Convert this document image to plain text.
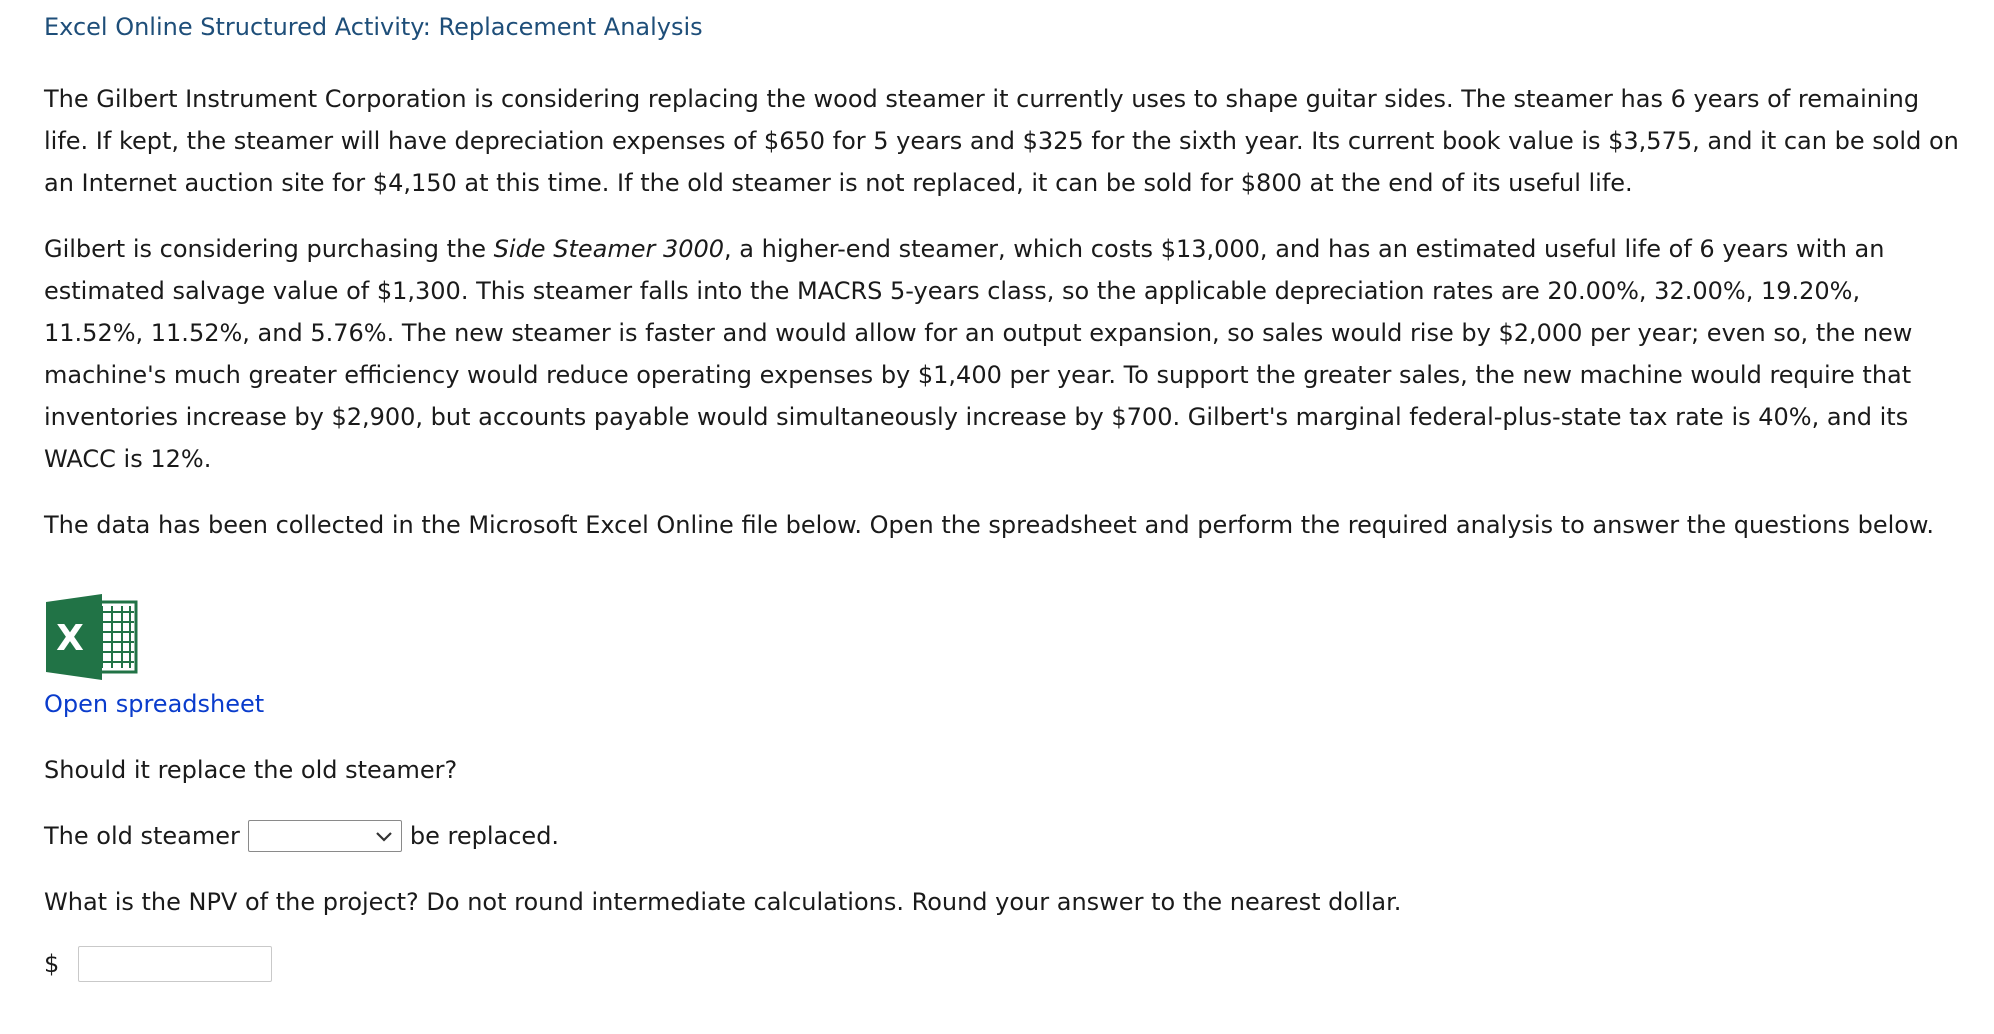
Excel Online Structured Activity: Replacement Analysis

The Gilbert Instrument Corporation is considering replacing the wood steamer it currently uses to shape guitar sides. The steamer has 6 years of remaining life. If kept, the steamer will have depreciation expenses of $650 for 5 years and $325 for the sixth year. Its current book value is $3,575, and it can be sold on an Internet auction site for $4,150 at this time. If the old steamer is not replaced, it can be sold for $800 at the end of its useful life.

Gilbert is considering purchasing the Side Steamer 3000, a higher-end steamer, which costs $13,000, and has an estimated useful life of 6 years with an estimated salvage value of $1,300. This steamer falls into the MACRS 5-years class, so the applicable depreciation rates are 20.00%, 32.00%, 19.20%, 11.52%, 11.52%, and 5.76%. The new steamer is faster and would allow for an output expansion, so sales would rise by $2,000 per year; even so, the new machine's much greater efficiency would reduce operating expenses by $1,400 per year. To support the greater sales, the new machine would require that inventories increase by $2,900, but accounts payable would simultaneously increase by $700. Gilbert's marginal federal-plus-state tax rate is 40%, and its WACC is 12%.

The data has been collected in the Microsoft Excel Online file below. Open the spreadsheet and perform the required analysis to answer the questions below.

X
Open spreadsheet

Should it replace the old steamer?

The old steamer	be replaced.

What is the NPV of the project? Do not round intermediate calculations. Round your answer to the nearest dollar.

$
